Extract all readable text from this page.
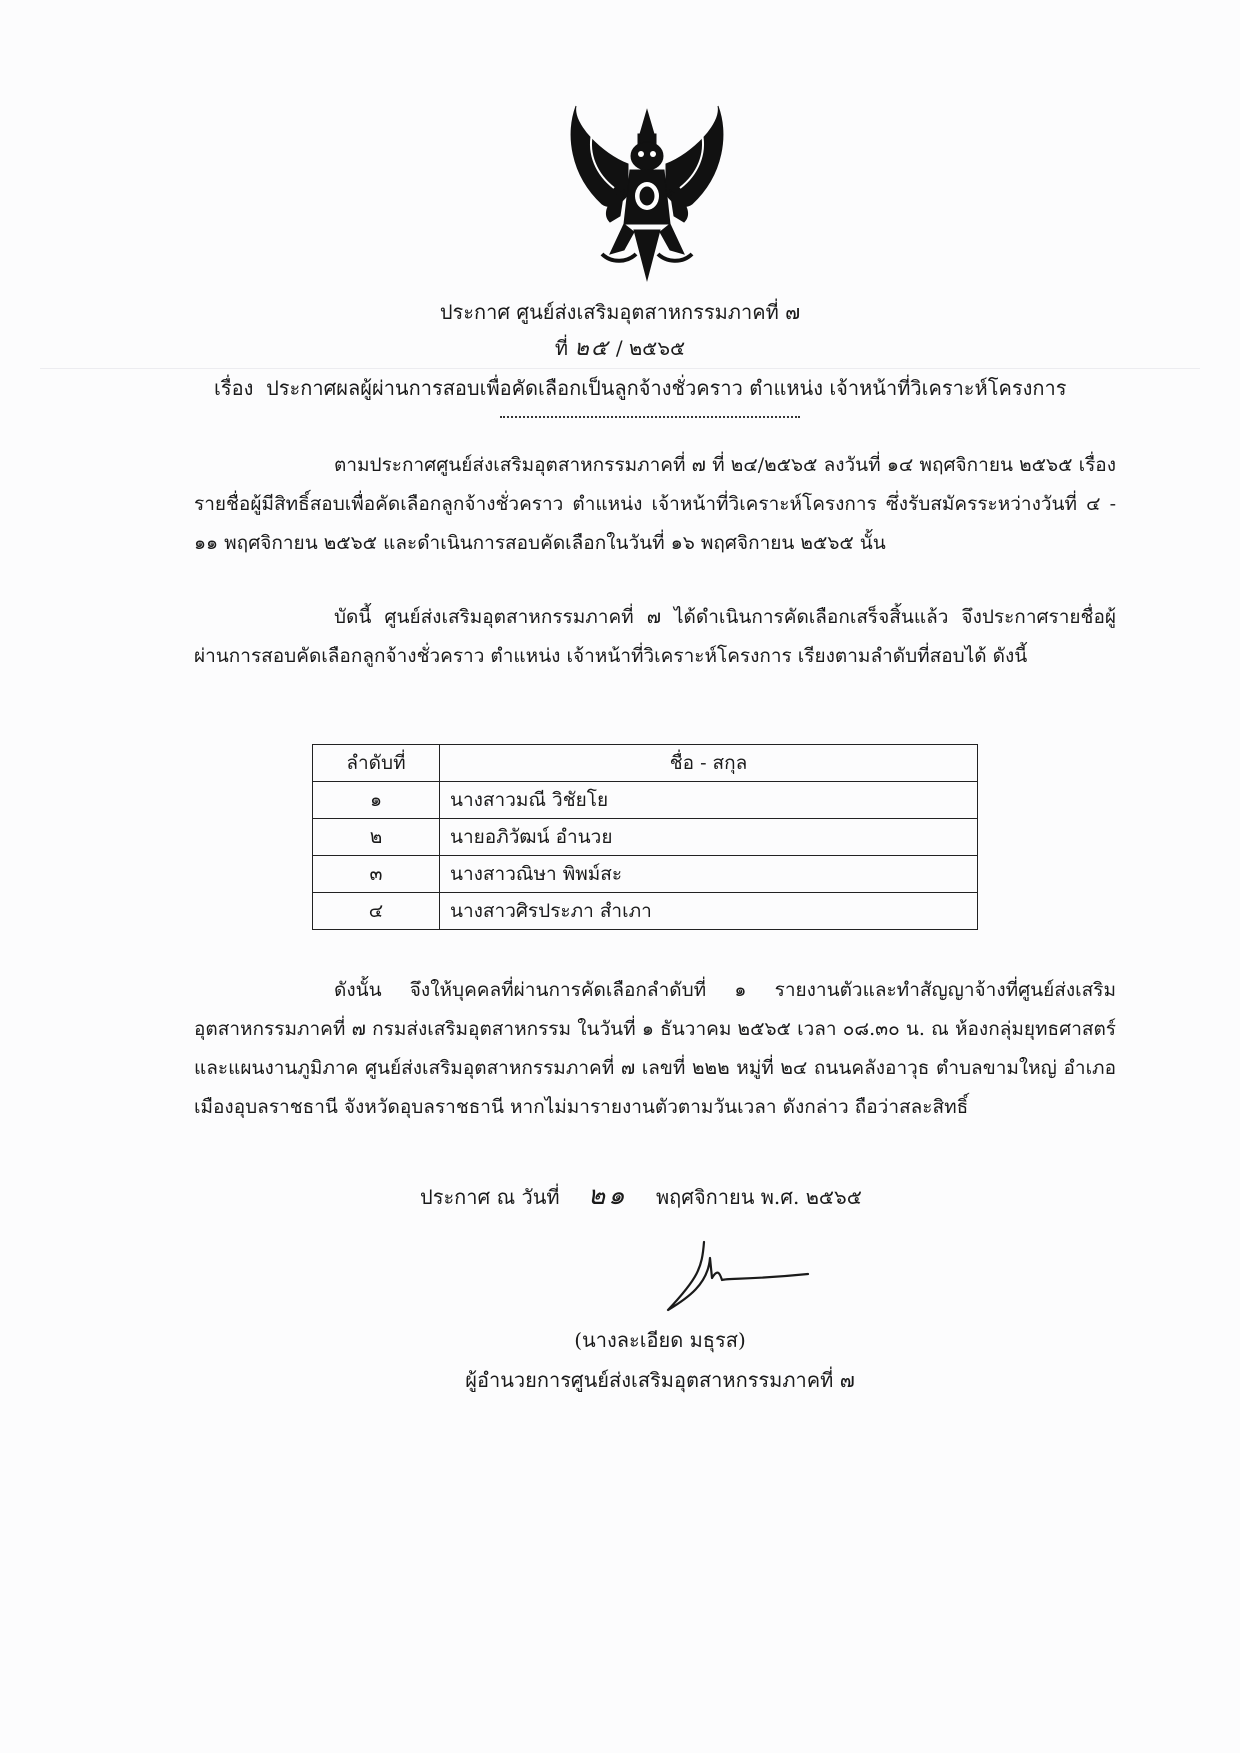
ประกาศ ศูนย์ส่งเสริมอุตสาหกรรมภาคที่ ๗
ที่ ๒๕ / ๒๕๖๕
เรื่อง ประกาศผลผู้ผ่านการสอบเพื่อคัดเลือกเป็นลูกจ้างชั่วคราว ตำแหน่ง เจ้าหน้าที่วิเคราะห์โครงการ
ตามประกาศศูนย์ส่งเสริมอุตสาหกรรมภาคที่ ๗ ที่ ๒๔/๒๕๖๕ ลงวันที่ ๑๔ พฤศจิกายน ๒๕๖๕ เรื่อง รายชื่อผู้มีสิทธิ์สอบเพื่อคัดเลือกลูกจ้างชั่วคราว ตำแหน่ง เจ้าหน้าที่วิเคราะห์โครงการ ซึ่งรับสมัครระหว่างวันที่ ๔ - ๑๑ พฤศจิกายน ๒๕๖๕ และดำเนินการสอบคัดเลือกในวันที่ ๑๖ พฤศจิกายน ๒๕๖๕ นั้น
บัดนี้ ศูนย์ส่งเสริมอุตสาหกรรมภาคที่ ๗ ได้ดำเนินการคัดเลือกเสร็จสิ้นแล้ว จึงประกาศรายชื่อผู้ผ่านการสอบคัดเลือกลูกจ้างชั่วคราว ตำแหน่ง เจ้าหน้าที่วิเคราะห์โครงการ เรียงตามลำดับที่สอบได้ ดังนี้
ลำดับที่	ชื่อ - สกุล
๑	นางสาวมณี วิชัยโย
๒	นายอภิวัฒน์ อำนวย
๓	นางสาวณิษา พิพม์สะ
๔	นางสาวศิรประภา สำเภา
ดังนั้น จึงให้บุคคลที่ผ่านการคัดเลือกลำดับที่ ๑ รายงานตัวและทำสัญญาจ้างที่ศูนย์ส่งเสริมอุตสาหกรรมภาคที่ ๗ กรมส่งเสริมอุตสาหกรรม ในวันที่ ๑ ธันวาคม ๒๕๖๕ เวลา ๐๘.๓๐ น. ณ ห้องกลุ่มยุทธศาสตร์และแผนงานภูมิภาค ศูนย์ส่งเสริมอุตสาหกรรมภาคที่ ๗ เลขที่ ๒๒๒ หมู่ที่ ๒๔ ถนนคลังอาวุธ ตำบลขามใหญ่ อำเภอเมืองอุบลราชธานี จังหวัดอุบลราชธานี หากไม่มารายงานตัวตามวันเวลา ดังกล่าว ถือว่าสละสิทธิ์
ประกาศ ณ วันที่ ๒๑ พฤศจิกายน พ.ศ. ๒๕๖๕
(นางละเอียด มธุรส)
ผู้อำนวยการศูนย์ส่งเสริมอุตสาหกรรมภาคที่ ๗
